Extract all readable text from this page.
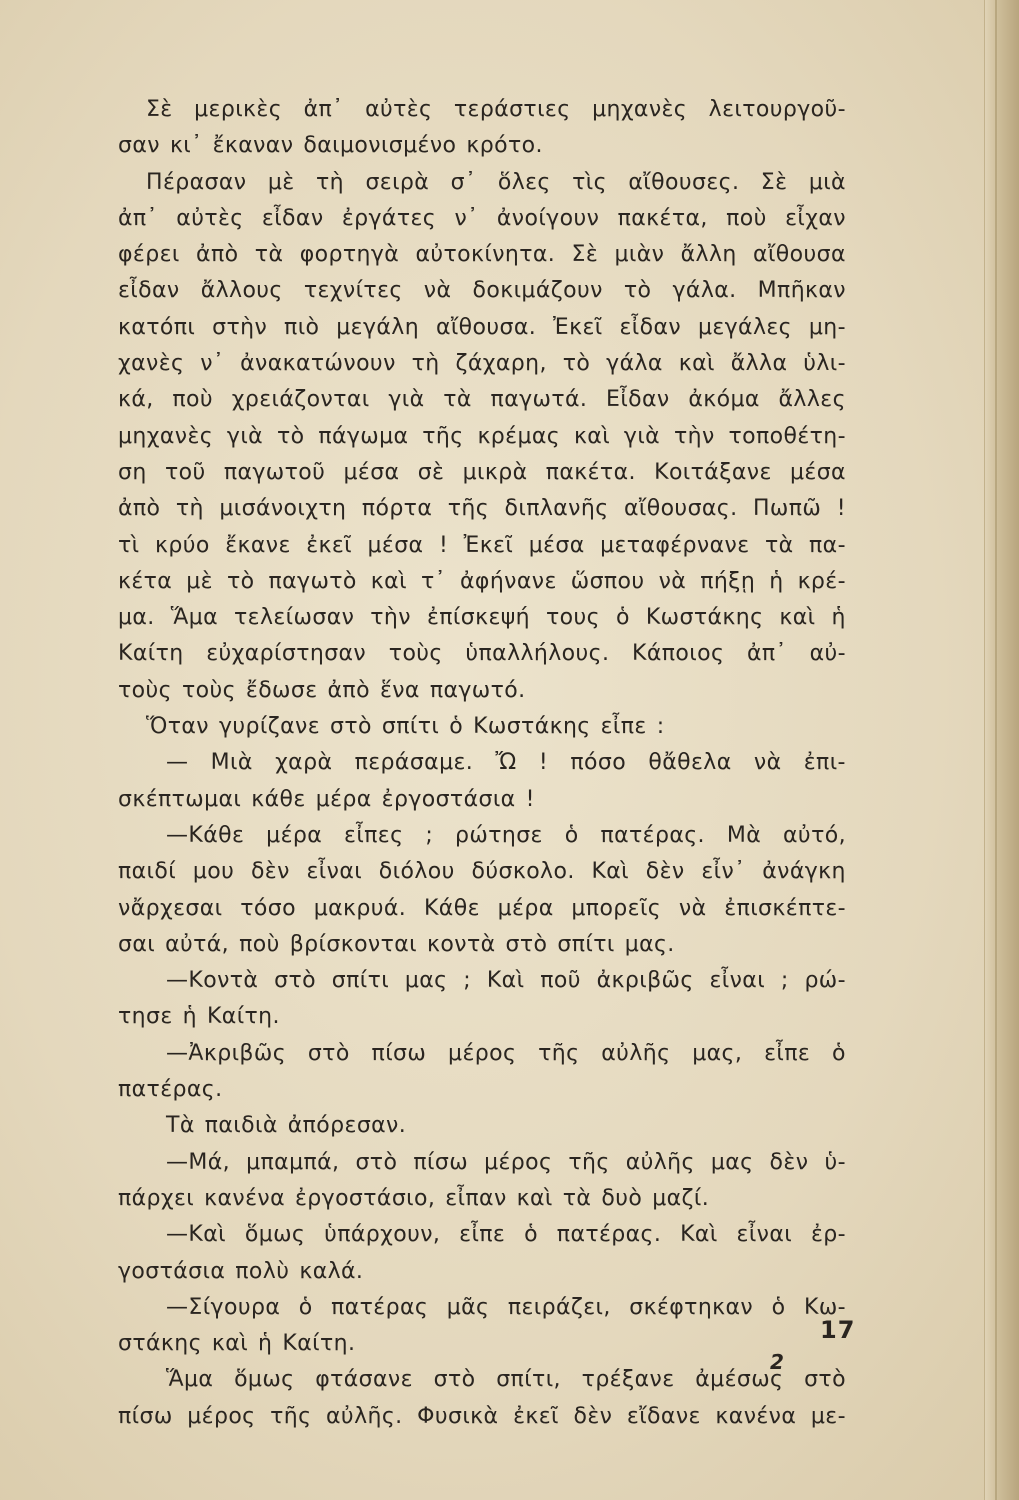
Σὲ μερικὲς ἀπ᾿ αὐτὲς τεράστιες μηχανὲς λειτουργοῦ-
σαν κι᾿ ἔκαναν δαιμονισμένο κρότο.
Πέρασαν μὲ τὴ σειρὰ σ᾿ ὅλες τὶς αἴθουσες. Σὲ μιὰ
ἀπ᾿ αὐτὲς εἶδαν ἐργάτες ν᾿ ἀνοίγουν πακέτα, ποὺ εἶχαν
φέρει ἀπὸ τὰ φορτηγὰ αὐτοκίνητα. Σὲ μιὰν ἄλλη αἴθουσα
εἶδαν ἄλλους τεχνίτες νὰ δοκιμάζουν τὸ γάλα. Μπῆκαν
κατόπι στὴν πιὸ μεγάλη αἴθουσα. Ἐκεῖ εἶδαν μεγάλες μη-
χανὲς ν᾿ ἀνακατώνουν τὴ ζάχαρη, τὸ γάλα καὶ ἄλλα ὑλι-
κά, ποὺ χρειάζονται γιὰ τὰ παγωτά. Εἶδαν ἀκόμα ἄλλες
μηχανὲς γιὰ τὸ πάγωμα τῆς κρέμας καὶ γιὰ τὴν τοποθέτη-
ση τοῦ παγωτοῦ μέσα σὲ μικρὰ πακέτα. Κοιτάξανε μέσα
ἀπὸ τὴ μισάνοιχτη πόρτα τῆς διπλανῆς αἴθουσας. Πωπῶ !
τὶ κρύο ἔκανε ἐκεῖ μέσα ! Ἐκεῖ μέσα μεταφέρνανε τὰ πα-
κέτα μὲ τὸ παγωτὸ καὶ τ᾿ ἀφήνανε ὥσπου νὰ πήξῃ ἡ κρέ-
μα. Ἅμα τελείωσαν τὴν ἐπίσκεψή τους ὁ Κωστάκης καὶ ἡ
Καίτη εὐχαρίστησαν τοὺς ὑπαλλήλους. Κάποιος ἀπ᾿ αὐ-
τοὺς τοὺς ἔδωσε ἀπὸ ἕνα παγωτό.
Ὅταν γυρίζανε στὸ σπίτι ὁ Κωστάκης εἶπε :
— Μιὰ χαρὰ περάσαμε. Ὤ ! πόσο θἄθελα νὰ ἐπι-
σκέπτωμαι κάθε μέρα ἐργοστάσια !
—Κάθε μέρα εἶπες ; ρώτησε ὁ πατέρας. Μὰ αὐτό,
παιδί μου δὲν εἶναι διόλου δύσκολο. Καὶ δὲν εἶν᾿ ἀνάγκη
νἄρχεσαι τόσο μακρυά. Κάθε μέρα μπορεῖς νὰ ἐπισκέπτε-
σαι αὐτά, ποὺ βρίσκονται κοντὰ στὸ σπίτι μας.
—Κοντὰ στὸ σπίτι μας ; Καὶ ποῦ ἀκριβῶς εἶναι ; ρώ-
τησε ἡ Καίτη.
—Ἀκριβῶς στὸ πίσω μέρος τῆς αὐλῆς μας, εἶπε ὁ
πατέρας.
Τὰ παιδιὰ ἀπόρεσαν.
—Μά, μπαμπά, στὸ πίσω μέρος τῆς αὐλῆς μας δὲν ὑ-
πάρχει κανένα ἐργοστάσιο, εἶπαν καὶ τὰ δυὸ μαζί.
—Καὶ ὅμως ὑπάρχουν, εἶπε ὁ πατέρας. Καὶ εἶναι ἐρ-
γοστάσια πολὺ καλά.
—Σίγουρα ὁ πατέρας μᾶς πειράζει, σκέφτηκαν ὁ Κω-
στάκης καὶ ἡ Καίτη.
Ἅμα ὅμως φτάσανε στὸ σπίτι, τρέξανε ἀμέσως στὸ
πίσω μέρος τῆς αὐλῆς. Φυσικὰ ἐκεῖ δὲν εἴδανε κανένα με-
17
2
